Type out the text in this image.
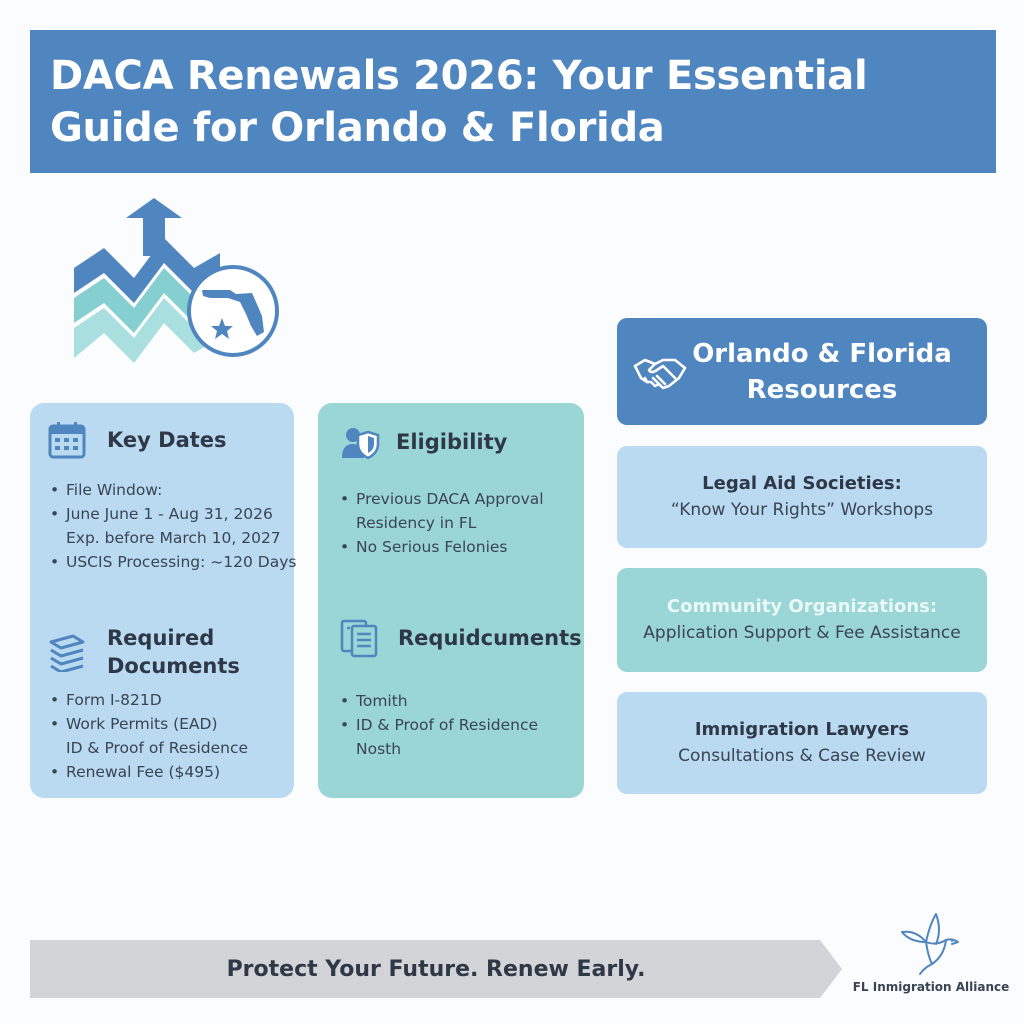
DACA Renewals 2026: Your Essential
Guide for Orlando & Florida
Key Dates
• File Window:
• June June 1 - Aug 31, 2026
Exp. before March 10, 2027
• USCIS Processing: ~120 Days
Required
Documents
• Form I-821D
• Work Permits (EAD)
ID & Proof of Residence
• Renewal Fee ($495)
Eligibility
• Previous DACA Approval
Residency in FL
• No Serious Felonies
Requidcuments
• Tomith
• ID & Proof of Residence
Nosth
Orlando & Florida
Resources
Legal Aid Societies:
“Know Your Rights” Workshops
Community Organizations:
Application Support & Fee Assistance
Immigration Lawyers
Consultations & Case Review
Protect Your Future. Renew Early.
FL Inmigration Alliance
